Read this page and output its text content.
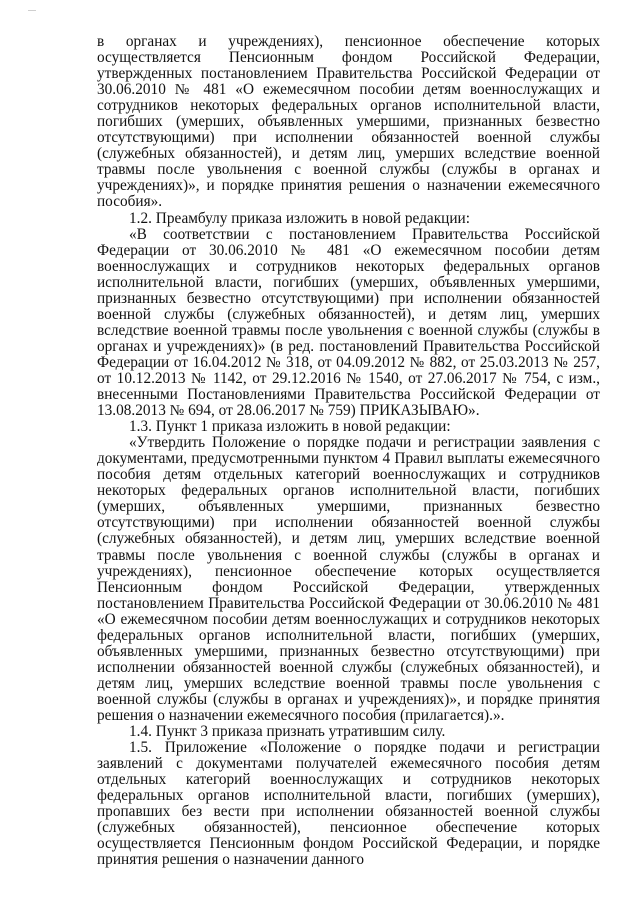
в органах и учреждениях), пенсионное обеспечение которых осуществляется Пенсионным фондом Российской Федерации, утвержденных постановлением Правительства Российской Федерации от 30.06.2010 № 481 «О ежемесячном пособии детям военнослужащих и сотрудников некоторых федеральных органов исполнительной власти, погибших (умерших, объявленных умершими, признанных безвестно отсутствующими) при исполнении обязанностей военной службы (служебных обязанностей), и детям лиц, умерших вследствие военной травмы после увольнения с военной службы (службы в органах и учреждениях)», и порядке принятия решения о назначении ежемесячного пособия».

1.2. Преамбулу приказа изложить в новой редакции:

«В соответствии с постановлением Правительства Российской Федерации от 30.06.2010 № 481 «О ежемесячном пособии детям военнослужащих и сотрудников некоторых федеральных органов исполнительной власти, погибших (умерших, объявленных умершими, признанных безвестно отсутствующими) при исполнении обязанностей военной службы (служебных обязанностей), и детям лиц, умерших вследствие военной травмы после увольнения с военной службы (службы в органах и учреждениях)» (в ред. постановлений Правительства Российской Федерации от 16.04.2012 № 318, от 04.09.2012 № 882, от 25.03.2013 № 257, от 10.12.2013 № 1142, от 29.12.2016 № 1540, от 27.06.2017 № 754, с изм., внесенными Постановлениями Правительства Российской Федерации от 13.08.2013 № 694, от 28.06.2017 № 759) ПРИКАЗЫВАЮ».

1.3. Пункт 1 приказа изложить в новой редакции:

«Утвердить Положение о порядке подачи и регистрации заявления с документами, предусмотренными пунктом 4 Правил выплаты ежемесячного пособия детям отдельных категорий военнослужащих и сотрудников некоторых федеральных органов исполнительной власти, погибших (умерших, объявленных умершими, признанных безвестно отсутствующими) при исполнении обязанностей военной службы (служебных обязанностей), и детям лиц, умерших вследствие военной травмы после увольнения с военной службы (службы в органах и учреждениях), пенсионное обеспечение которых осуществляется Пенсионным фондом Российской Федерации, утвержденных постановлением Правительства Российской Федерации от 30.06.2010 № 481 «О ежемесячном пособии детям военнослужащих и сотрудников некоторых федеральных органов исполнительной власти, погибших (умерших, объявленных умершими, признанных безвестно отсутствующими) при исполнении обязанностей военной службы (служебных обязанностей), и детям лиц, умерших вследствие военной травмы после увольнения с военной службы (службы в органах и учреждениях)», и порядке принятия решения о назначении ежемесячного пособия (прилагается).».

1.4. Пункт 3 приказа признать утратившим силу.

1.5. Приложение «Положение о порядке подачи и регистрации заявлений с документами получателей ежемесячного пособия детям отдельных категорий военнослужащих и сотрудников некоторых федеральных органов исполнительной власти, погибших (умерших), пропавших без вести при исполнении обязанностей военной службы (служебных обязанностей), пенсионное обеспечение которых осуществляется Пенсионным фондом Российской Федерации, и порядке принятия решения о назначении данного
